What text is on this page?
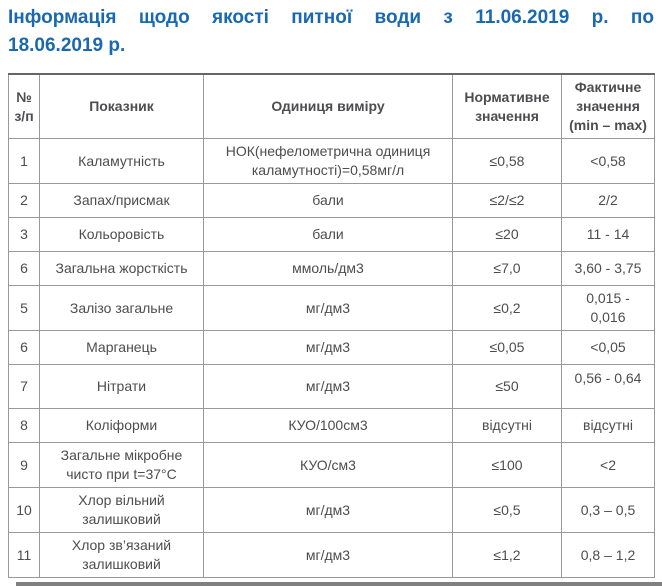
Інформація щодо якості питної води з 11.06.2019 р. по
18.06.2019 р.
№ з/п	Показник	Одиниця виміру	Нормативне значення	Фактичне значення (min – max)
1	Каламутність	НОК(нефелометрична одиниця каламутності)=0,58мг/л	≤0,58	<0,58
2	Запах/присмак	бали	≤2/≤2	2/2
3	Кольоровість	бали	≤20	11 - 14
6	Загальна жорсткість	ммоль/дм3	≤7,0	3,60 - 3,75
5	Залізо загальне	мг/дм3	≤0,2	0,015 - 0,016
6	Марганець	мг/дм3	≤0,05	<0,05
7	Нітрати	мг/дм3	≤50	0,56 - 0,64
8	Коліформи	КУО/100см3	відсутні	відсутні
9	Загальне мікробне чисто при t=37°C	КУО/см3	≤100	<2
10	Хлор вільний залишковий	мг/дм3	≤0,5	0,3 – 0,5
11	Хлор зв’язаний залишковий	мг/дм3	≤1,2	0,8 – 1,2
